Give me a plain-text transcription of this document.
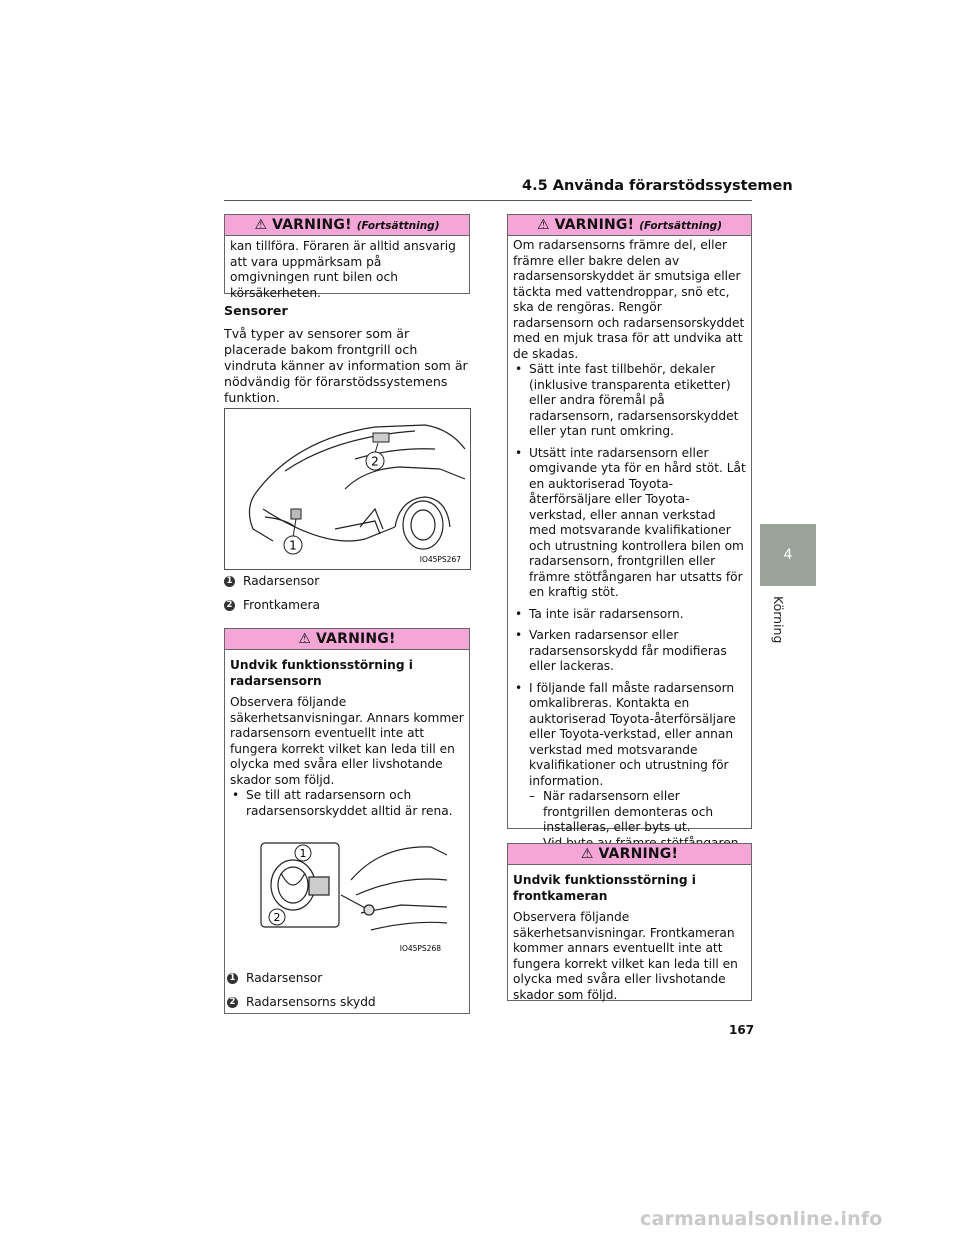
4.5 Använda förarstödssystemen
⚠ VARNING! (Fortsättning)

kan tillföra. Föraren är alltid ansvarig att vara uppmärksam på omgivningen runt bilen och körsäkerheten.

Sensorer
Två typer av sensorer som är placerade bakom frontgrill och vindruta känner av information som är nödvändig för förarstödssystemens funktion.
2
1
IO45PS267
1 Radarsensor
2 Frontkamera
⚠ VARNING!

Undvik funktionsstörning i radarsensorn

Observera följande säkerhetsanvisningar. Annars kommer radarsensorn eventuellt inte att fungera korrekt vilket kan leda till en olycka med svåra eller livshotande skador som följd.

• Se till att radarsensorn och radarsensorskyddet alltid är rena.
1
2
IO45PS268
1 Radarsensor
2 Radarsensorns skydd
⚠ VARNING! (Fortsättning)

Om radarsensorns främre del, eller främre eller bakre delen av radarsensorskyddet är smutsiga eller täckta med vattendroppar, snö etc, ska de rengöras. Rengör radarsensorn och radarsensorskyddet med en mjuk trasa för att undvika att de skadas.

• Sätt inte fast tillbehör, dekaler (inklusive transparenta etiketter) eller andra föremål på radarsensorn, radarsensorskyddet eller ytan runt omkring.
• Utsätt inte radarsensorn eller omgivande yta för en hård stöt. Låt en auktoriserad Toyota-återförsäljare eller Toyota-verkstad, eller annan verkstad med motsvarande kvalifikationer och utrustning kontrollera bilen om radarsensorn, frontgrillen eller främre stötfångaren har utsatts för en kraftig stöt.
• Ta inte isär radarsensorn.
• Varken radarsensor eller radarsensorskydd får modifieras eller lackeras.
• I följande fall måste radarsensorn omkalibreras. Kontakta en auktoriserad Toyota-återförsäljare eller Toyota-verkstad, eller annan verkstad med motsvarande kvalifikationer och utrustning för information.
– När radarsensorn eller frontgrillen demonteras och installeras, eller byts ut.
⚠ VARNING!

Undvik funktionsstörning i frontkameran

Observera följande säkerhetsanvisningar. Frontkameran kommer annars eventuellt inte att fungera korrekt vilket kan leda till en olycka med svåra eller livshotande skador som följd.

4
Körning
167
carmanualsonline.info
